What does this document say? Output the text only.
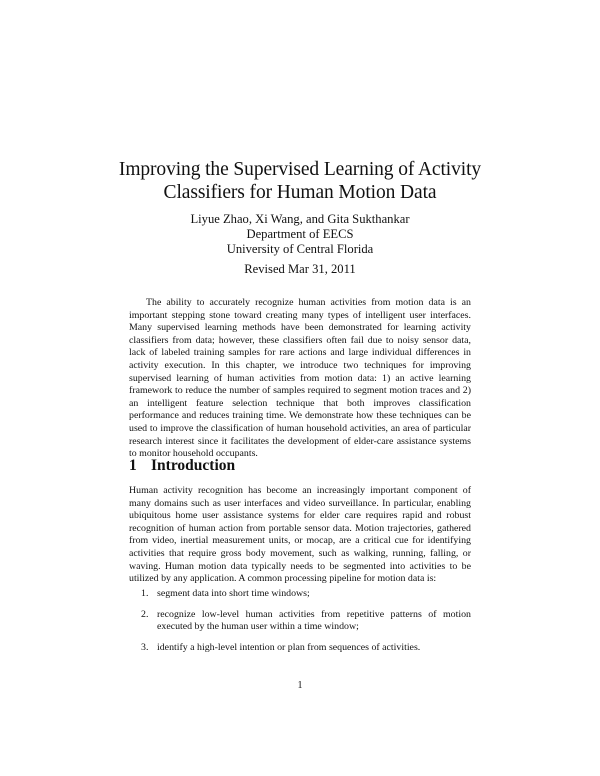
Improving the Supervised Learning of Activity
Classifiers for Human Motion Data
Liyue Zhao, Xi Wang, and Gita Sukthankar
Department of EECS
University of Central Florida
Revised Mar 31, 2011
The ability to accurately recognize human activities from motion data is an important stepping stone toward creating many types of intelligent user interfaces. Many supervised learning methods have been demonstrated for learning activity classifiers from data; however, these classifiers often fail due to noisy sensor data, lack of labeled training samples for rare actions and large individual differences in activity execution. In this chapter, we introduce two techniques for improving supervised learning of human activities from motion data: 1) an active learning framework to reduce the number of samples required to segment motion traces and 2) an intelligent feature selection technique that both improves classification performance and reduces training time. We demonstrate how these techniques can be used to improve the classification of human household activities, an area of particular research interest since it facilitates the development of elder-care assistance systems to monitor household occupants.
1 Introduction
Human activity recognition has become an increasingly important component of many domains such as user interfaces and video surveillance. In particular, enabling ubiquitous home user assistance systems for elder care requires rapid and robust recognition of human action from portable sensor data. Motion trajectories, gathered from video, inertial measurement units, or mocap, are a critical cue for identifying activities that require gross body movement, such as walking, running, falling, or waving. Human motion data typically needs to be segmented into activities to be utilized by any application. A common processing pipeline for motion data is:
1. segment data into short time windows;
2. recognize low-level human activities from repetitive patterns of motion executed by the human user within a time window;
3. identify a high-level intention or plan from sequences of activities.
1
